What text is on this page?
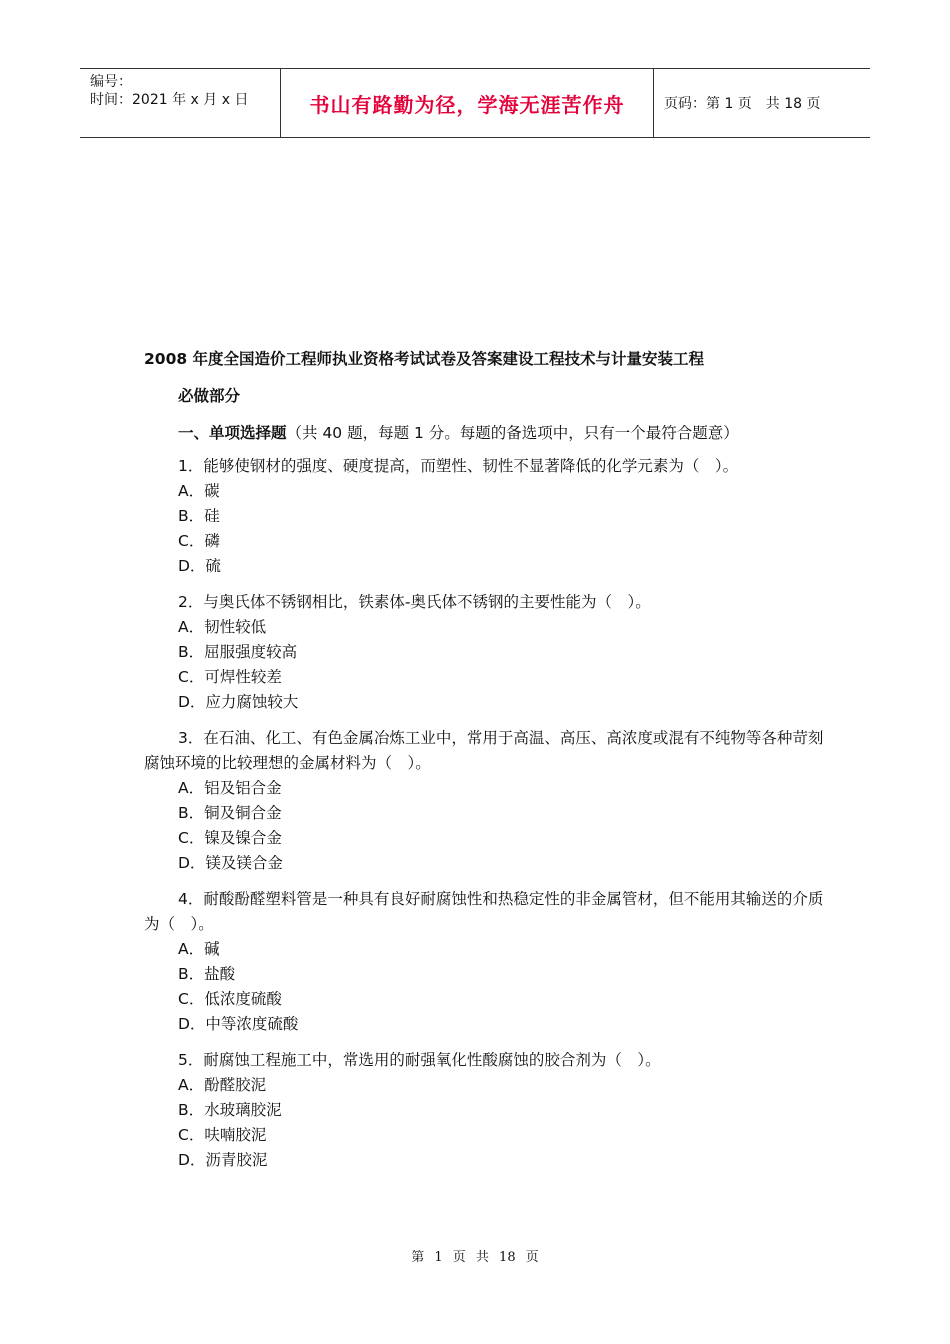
编号：
时间：2021 年 x 月 x 日	书山有路勤为径，学海无涯苦作舟	页码：第 1 页　共 18 页
2008 年度全国造价工程师执业资格考试试卷及答案建设工程技术与计量安装工程
必做部分
一、单项选择题（共 40 题，每题 1 分。每题的备选项中，只有一个最符合题意）

1．能够使钢材的强度、硬度提高，而塑性、韧性不显著降低的化学元素为（　）。

A．碳

B．硅

C．磷

D．硫

2．与奥氏体不锈钢相比，铁素体-奥氏体不锈钢的主要性能为（　）。

A．韧性较低

B．屈服强度较高

C．可焊性较差

D．应力腐蚀较大

3．在石油、化工、有色金属冶炼工业中，常用于高温、高压、高浓度或混有不纯物等各种苛刻腐蚀环境的比较理想的金属材料为（　）。

A．铝及铝合金

B．铜及铜合金

C．镍及镍合金

D．镁及镁合金

4．耐酸酚醛塑料管是一种具有良好耐腐蚀性和热稳定性的非金属管材，但不能用其输送的介质为（　）。

A．碱

B．盐酸

C．低浓度硫酸

D．中等浓度硫酸

5．耐腐蚀工程施工中，常选用的耐强氧化性酸腐蚀的胶合剂为（　）。

A．酚醛胶泥

B．水玻璃胶泥

C．呋喃胶泥

D．沥青胶泥

第 1 页 共 18 页
